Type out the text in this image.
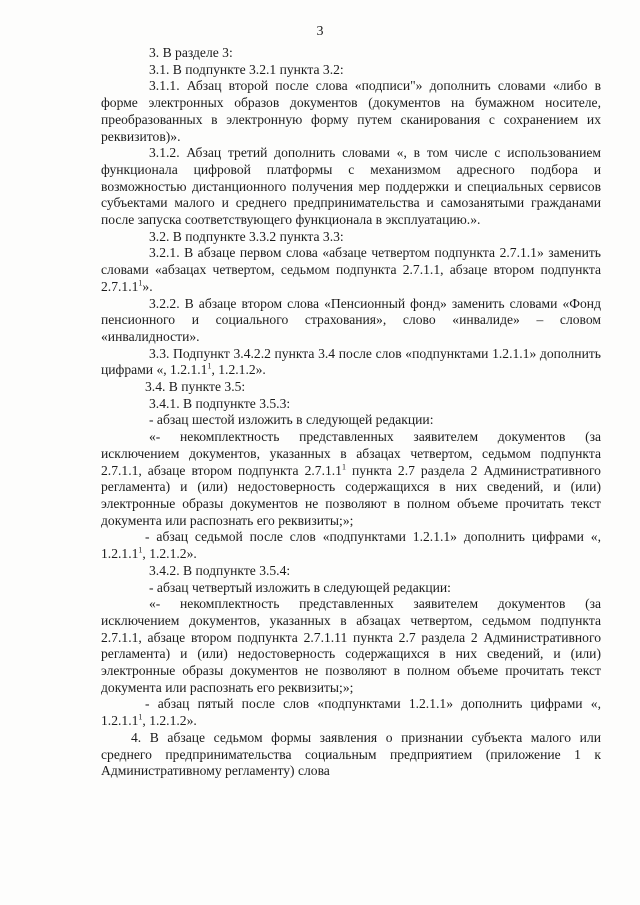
3

3. В разделе 3:

3.1. В подпункте 3.2.1 пункта 3.2:

3.1.1. Абзац второй после слова «подписи"» дополнить словами «либо в форме электронных образов документов (документов на бумажном носителе, преобразованных в электронную форму путем сканирования с сохранением их реквизитов)».

3.1.2. Абзац третий дополнить словами «, в том числе с использованием функционала цифровой платформы с механизмом адресного подбора и возможностью дистанционного получения мер поддержки и специальных сервисов субъектами малого и среднего предпринимательства и самозанятыми гражданами после запуска соответствующего функционала в эксплуатацию.».

3.2. В подпункте 3.3.2 пункта 3.3:

3.2.1. В абзаце первом слова «абзаце четвертом подпункта 2.7.1.1» заменить словами «абзацах четвертом, седьмом подпункта 2.7.1.1, абзаце втором подпункта 2.7.1.1$^1$».

3.2.2. В абзаце втором слова «Пенсионный фонд» заменить словами «Фонд пенсионного и социального страхования», слово «инвалиде» – словом «инвалидности».

3.3. Подпункт 3.4.2.2 пункта 3.4 после слов «подпунктами 1.2.1.1» дополнить цифрами «, 1.2.1.1$^1$, 1.2.1.2».

3.4. В пункте 3.5:

3.4.1. В подпункте 3.5.3:

- абзац шестой изложить в следующей редакции:

«- некомплектность представленных заявителем документов (за исключением документов, указанных в абзацах четвертом, седьмом подпункта 2.7.1.1, абзаце втором подпункта 2.7.1.1$^1$ пункта 2.7 раздела 2 Административного регламента) и (или) недостоверность содержащихся в них сведений, и (или) электронные образы документов не позволяют в полном объеме прочитать текст документа или распознать его реквизиты;»;

- абзац седьмой после слов «подпунктами 1.2.1.1» дополнить цифрами «, 1.2.1.1$^1$, 1.2.1.2».

3.4.2. В подпункте 3.5.4:

- абзац четвертый изложить в следующей редакции:

«- некомплектность представленных заявителем документов (за исключением документов, указанных в абзацах четвертом, седьмом подпункта 2.7.1.1, абзаце втором подпункта 2.7.1.11 пункта 2.7 раздела 2 Административного регламента) и (или) недостоверность содержащихся в них сведений, и (или) электронные образы документов не позволяют в полном объеме прочитать текст документа или распознать его реквизиты;»;

- абзац пятый после слов «подпунктами 1.2.1.1» дополнить цифрами «, 1.2.1.1$^1$, 1.2.1.2».

4. В абзаце седьмом формы заявления о признании субъекта малого или среднего предпринимательства социальным предприятием (приложение 1 к Административному регламенту) слова
